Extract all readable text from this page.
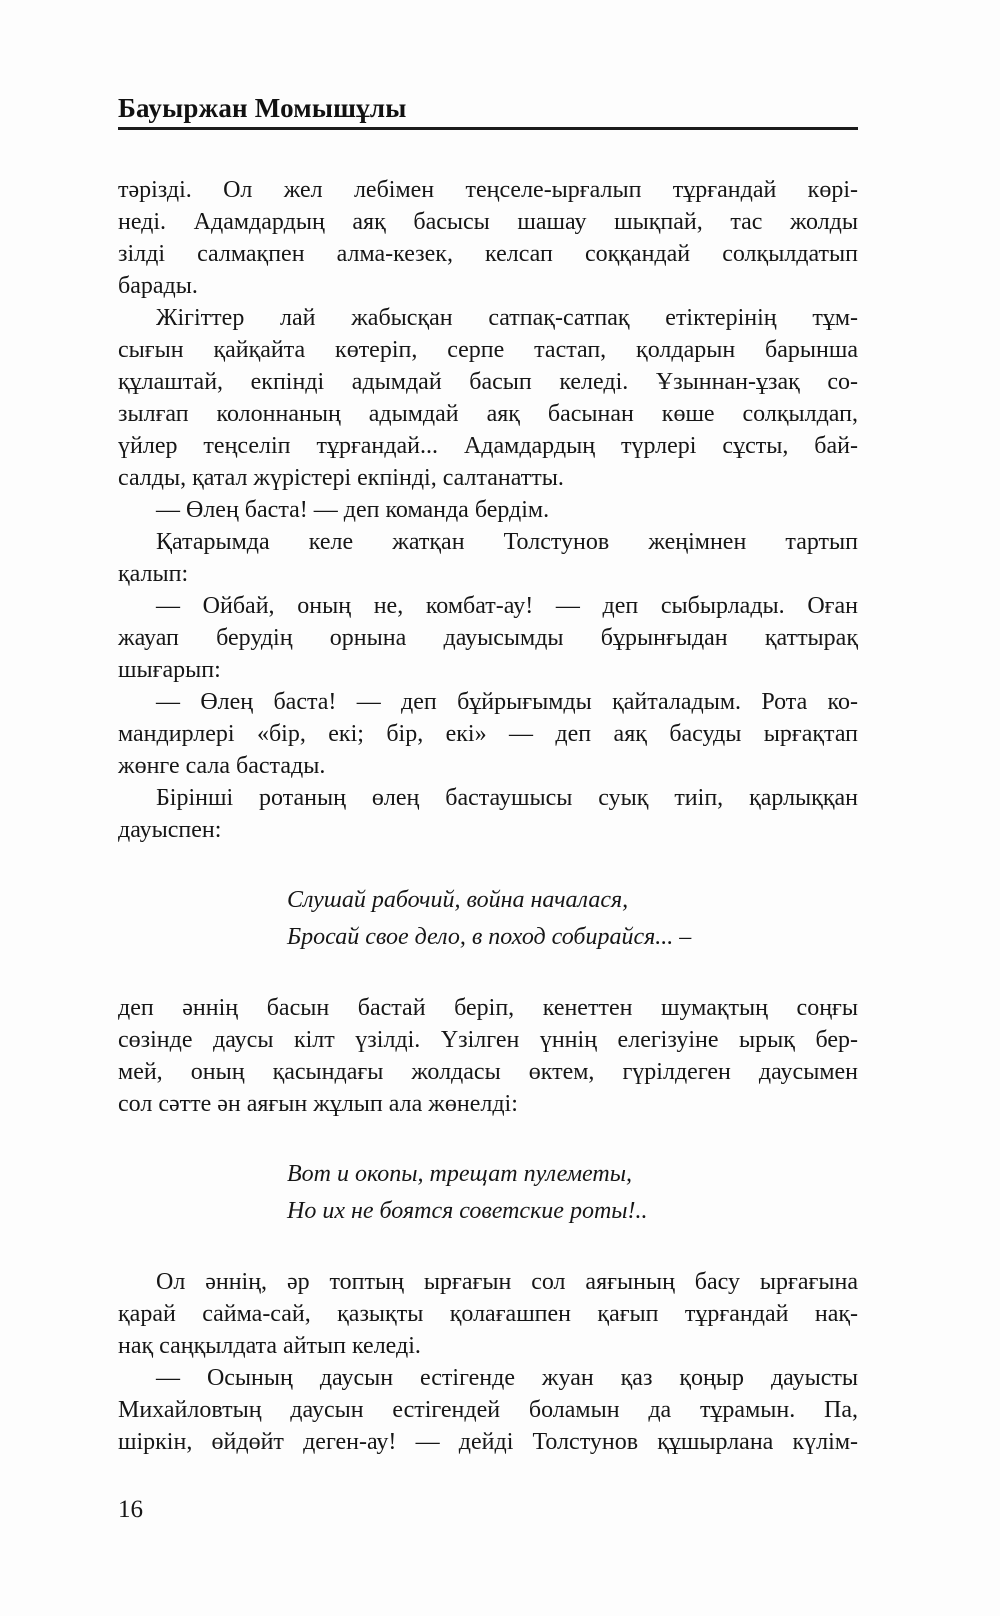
Бауыржан Момышұлы
тәрізді. Ол жел лебімен теңселе-ырғалып тұрғандай көрі-
неді. Адамдардың аяқ басысы шашау шықпай, тас жолды
зілді салмақпен алма-кезек, келсап соққандай солқылдатып
барады.
Жігіттер лай жабысқан сатпақ-сатпақ етіктерінің тұм-
сығын қайқайта көтеріп, серпе тастап, қолдарын барынша
құлаштай, екпінді адымдай басып келеді. Ұзыннан-ұзақ со-
зылғап колоннаның адымдай аяқ басынан көше солқылдап,
үйлер теңселіп тұрғандай... Адамдардың түрлері сұсты, бай-
салды, қатал жүрістері екпінді, салтанатты.
— Өлең баста! — деп команда бердім.
Қатарымда келе жатқан Толстунов жеңімнен тартып
қалып:
— Ойбай, оның не, комбат-ау! — деп сыбырлады. Оған
жауап берудің орнына дауысымды бұрынғыдан қаттырақ
шығарып:
— Өлең баста! — деп бұйрығымды қайталадым. Рота ко-
мандирлері «бір, екі; бір, екі» — деп аяқ басуды ырғақтап
жөнге сала бастады.
Бірінші ротаның өлең бастаушысы суық тиіп, қарлыққан
дауыспен:
Слушай рабочий, война началася,
Бросай свое дело, в поход собирайся... –
деп әннің басын бастай беріп, кенеттен шумақтың соңғы
сөзінде даусы кілт үзілді. Үзілген үннің елегізуіне ырық бер-
мей, оның қасындағы жолдасы өктем, гүрілдеген даусымен
сол сәтте ән аяғын жұлып ала жөнелді:
Вот и окопы, трещат пулеметы,
Но их не боятся советские роты!..
Ол әннің, әр топтың ырғағын сол аяғының басу ырғағына
қарай сайма-сай, қазықты қолағашпен қағып тұрғандай нақ-
нақ саңқылдата айтып келеді.
— Осының даусын естігенде жуан қаз қоңыр дауысты
Михайловтың даусын естігендей боламын да тұрамын. Па,
шіркін, өйдөйт деген-ау! — дейді Толстунов құшырлана күлім-
16
